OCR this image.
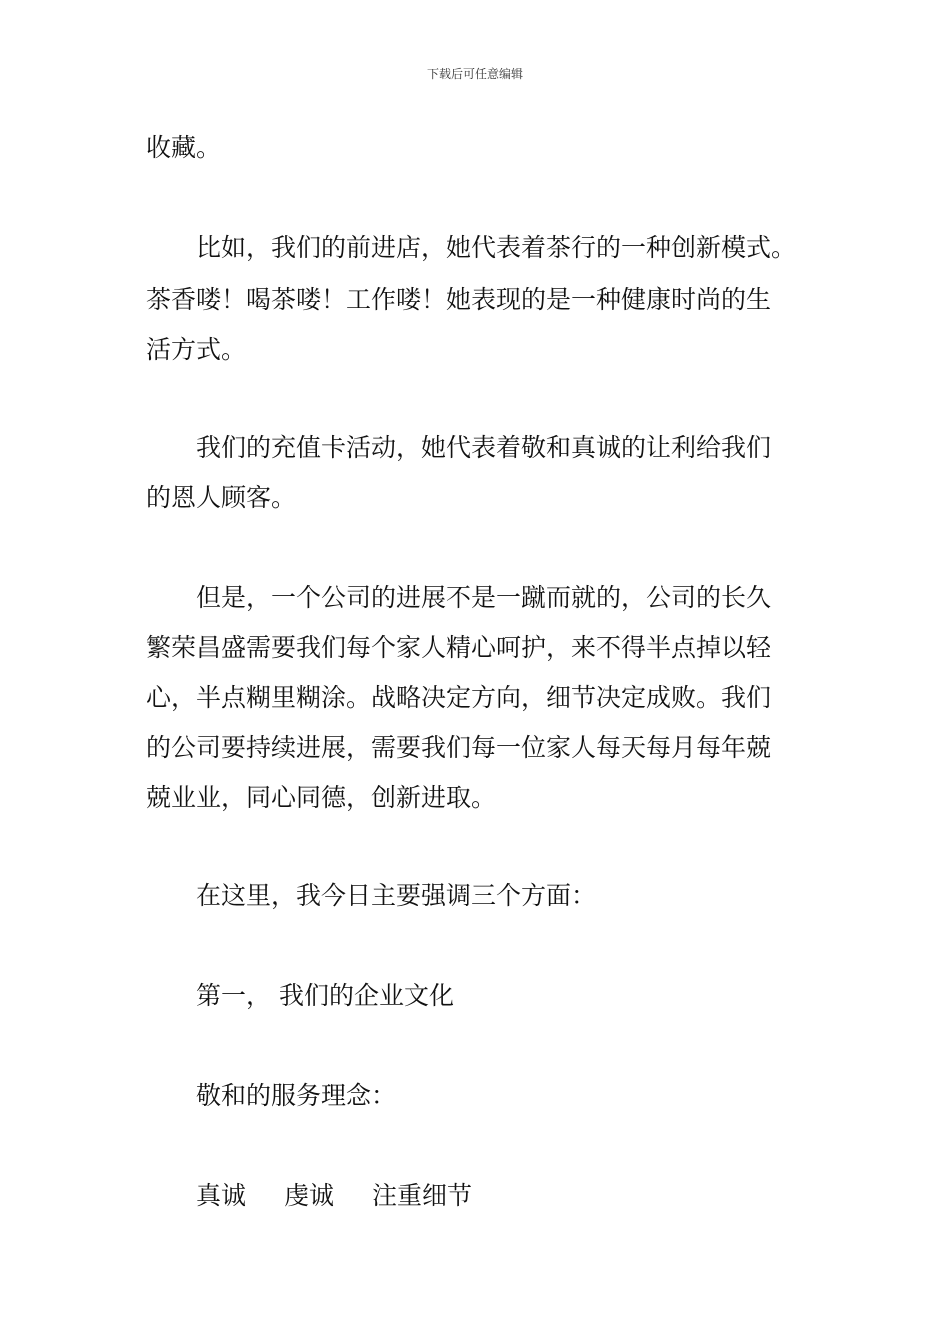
下载后可任意编辑

收藏。

比如，我们的前进店，她代表着茶行的一种创新模式。

茶香喽！喝茶喽！工作喽！她表现的是一种健康时尚的生

活方式。

我们的充值卡活动，她代表着敬和真诚的让利给我们

的恩人顾客。

但是，一个公司的进展不是一蹴而就的，公司的长久

繁荣昌盛需要我们每个家人精心呵护，来不得半点掉以轻

心，半点糊里糊涂。战略决定方向，细节决定成败。我们

的公司要持续进展，需要我们每一位家人每天每月每年兢

兢业业，同心同德，创新进取。

在这里，我今日主要强调三个方面：

第一， 我们的企业文化

敬和的服务理念：

真诚 虔诚 注重细节
